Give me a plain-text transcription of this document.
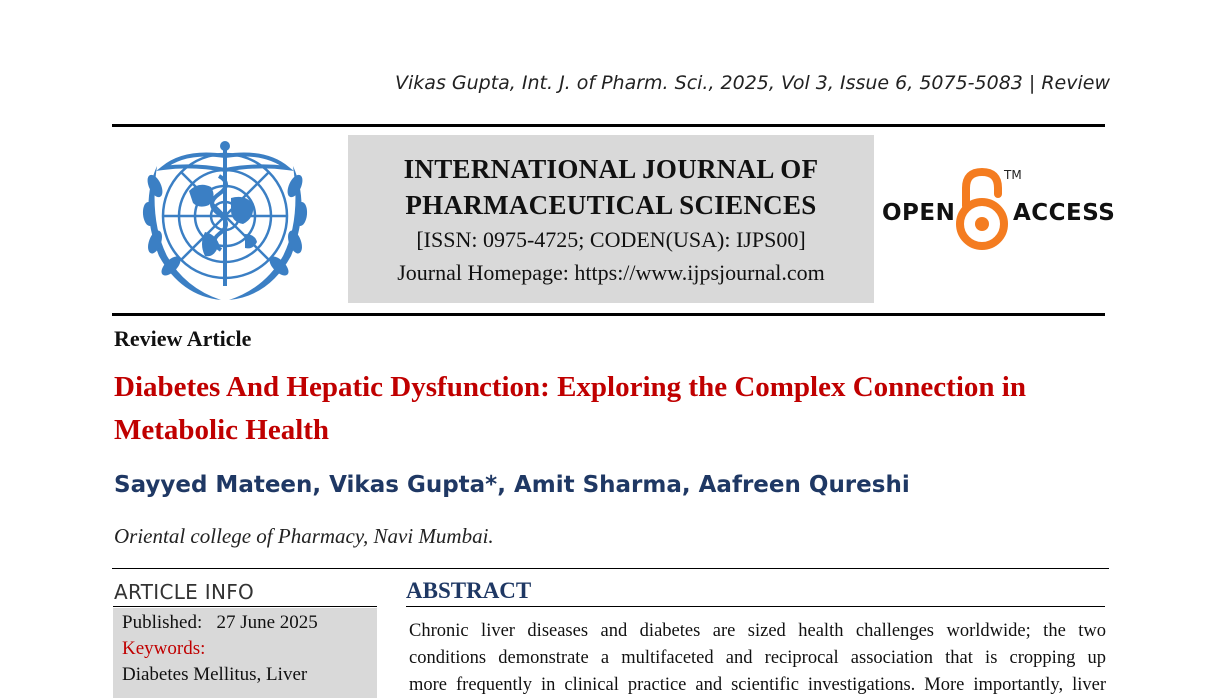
Vikas Gupta, Int. J. of Pharm. Sci., 2025, Vol 3, Issue 6, 5075-5083 | Review
INTERNATIONAL JOURNAL OF
PHARMACEUTICAL SCIENCES
[ISSN: 0975-4725; CODEN(USA): IJPS00]
Journal Homepage: https://www.ijpsjournal.com
OPEN
TM
ACCESS
Review Article
Diabetes And Hepatic Dysfunction: Exploring the Complex Connection in Metabolic Health
Sayyed Mateen, Vikas Gupta*, Amit Sharma, Aafreen Qureshi
Oriental college of Pharmacy, Navi Mumbai.
ARTICLE INFO
Published: 27 June 2025
Keywords:
Diabetes Mellitus, Liver
ABSTRACT
Chronic liver diseases and diabetes are sized health challenges worldwide; the two
conditions demonstrate a multifaceted and reciprocal association that is cropping up
more frequently in clinical practice and scientific investigations. More importantly, liver
